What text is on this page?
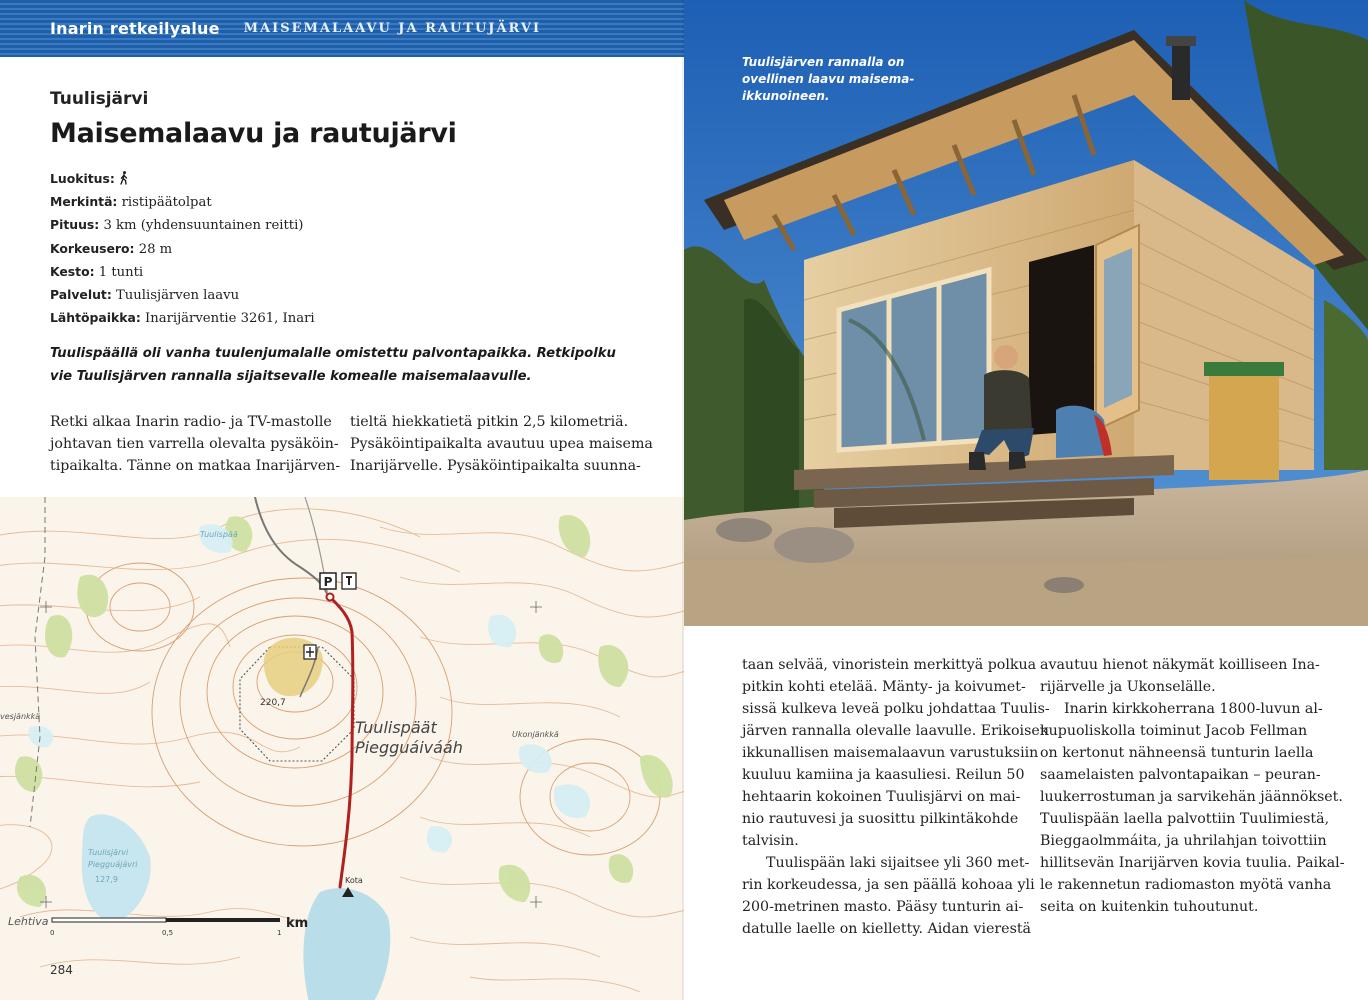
Inarin retkeilyalue MAISEMALAAVU JA RAUTUJÄRVI
Tuulisjärvi
Maisemalaavu ja rautujärvi
Luokitus:
Merkintä: ristipäätolpat
Pituus: 3 km (yhdensuuntainen reitti)
Korkeusero: 28 m
Kesto: 1 tunti
Palvelut: Tuulisjärven laavu
Lähtöpaikka: Inarijärventie 3261, Inari
Tuulispäällä oli vanha tuulenjumalalle omistettu palvontapaikka. Retkipolku
vie Tuulisjärven rannalla sijaitsevalle komealle maisemalaavulle.
Retki alkaa Inarin radio- ja TV-mastolle
johtavan tien varrella olevalta pysäköin-
tipaikalta. Tänne on matkaa Inarijärven-
tieltä hiekkatietä pitkin 2,5 kilometriä.
Pysäköintipaikalta avautuu upea maisema
Inarijärvelle. Pysäköintipaikalta suunna-
P
Tuulispäät
Piegguáivááh
220,7
Kota
Tuulisjärvi
Piegguájávri
127,9
vesjänkkä
Ukonjänkkä
Tuulispää
Lehtiva
0	0,5	1
km
284
Tuulisjärven rannalla on
ovellinen laavu maisema-
ikkunoineen.
taan selvää, vinoristein merkittyä polkua
pitkin kohti etelää. Mänty- ja koivumet-
sissä kulkeva leveä polku johdattaa Tuulis-
järven rannalla olevalle laavulle. Erikoisen
ikkunallisen maisemalaavun varustuksiin
kuuluu kamiina ja kaasuliesi. Reilun 50
hehtaarin kokoinen Tuulisjärvi on mai-
nio rautuvesi ja suosittu pilkintäkohde
talvisin.
Tuulispään laki sijaitsee yli 360 met-
rin korkeudessa, ja sen päällä kohoaa yli
200-metrinen masto. Pääsy tunturin ai-
datulle laelle on kielletty. Aidan vierestä
avautuu hienot näkymät koilliseen Ina-
rijärvelle ja Ukonselälle.
Inarin kirkkoherrana 1800-luvun al-
kupuoliskolla toiminut Jacob Fellman
on kertonut nähneensä tunturin laella
saamelaisten palvontapaikan – peuran-
luukerrostuman ja sarvikehän jäännökset.
Tuulispään laella palvottiin Tuulimiestä,
Bieggaolmmáita, ja uhrilahjan toivottiin
hillitsevän Inarijärven kovia tuulia. Paikal-
le rakennetun radiomaston myötä vanha
seita on kuitenkin tuhoutunut.
